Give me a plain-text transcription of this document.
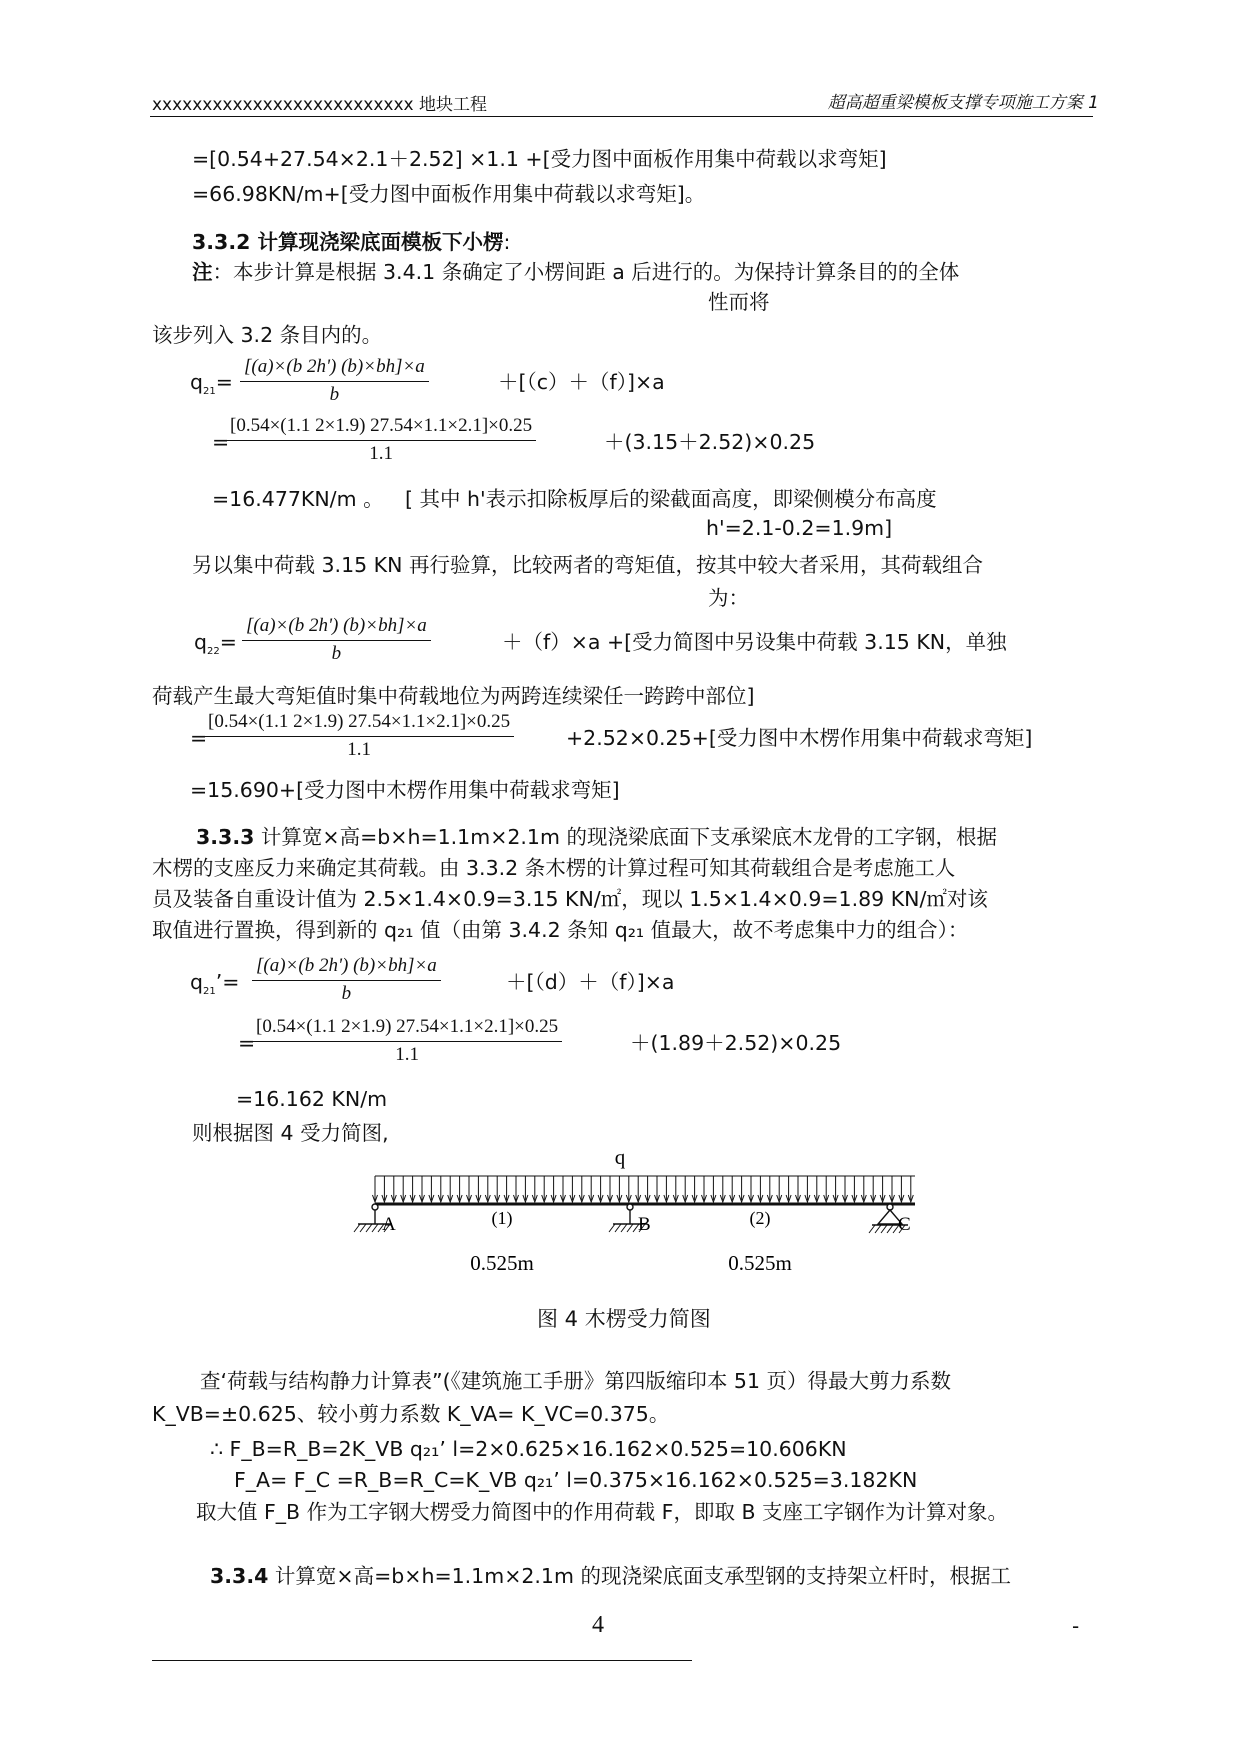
xxxxxxxxxxxxxxxxxxxxxxxxxx 地块工程	超高超重梁模板支撑专项施工方案 1
=[0.54+27.54×2.1＋2.52] ×1.1 +[受力图中面板作用集中荷载以求弯矩]
=66.98KN/m+[受力图中面板作用集中荷载以求弯矩]。
3.3.2 计算现浇梁底面模板下小楞:
注：本步计算是根据 3.4.1 条确定了小楞间距 a 后进行的。为保持计算条目的的全体
性而将
该步列入 3.2 条目内的。
$q_{21}= \frac{[(a)\times(b 2h') (b)\times bh]\times a}{b}$	＋[（c）＋（f）]×a
=
$\frac{[0.54\times(1.1 2\times 1.9) 27.54\times 1.1\times 2.1]\times 0.25}{1.1}$	＋(3.15＋2.52)×0.25
=16.477KN/m 。 [ 其中 h'表示扣除板厚后的梁截面高度，即梁侧模分布高度
h'=2.1-0.2=1.9m]
另以集中荷载 3.15 KN 再行验算，比较两者的弯矩值，按其中较大者采用，其荷载组合
为：
$q_{22}= \frac{[(a)\times(b 2h') (b)\times bh]\times a}{b}$	＋（f）×a +[受力简图中另设集中荷载 3.15 KN，单独
荷载产生最大弯矩值时集中荷载地位为两跨连续梁任一跨跨中部位]
=
$\frac{[0.54\times(1.1 2\times 1.9) 27.54\times 1.1\times 2.1]\times 0.25}{1.1}$	+2.52×0.25+[受力图中木楞作用集中荷载求弯矩]
=15.690+[受力图中木楞作用集中荷载求弯矩]
3.3.3 计算宽×高=b×h=1.1m×2.1m 的现浇梁底面下支承梁底木龙骨的工字钢，根据
木楞的支座反力来确定其荷载。由 3.3.2 条木楞的计算过程可知其荷载组合是考虑施工人
员及装备自重设计值为 2.5×1.4×0.9=3.15 KN/㎡，现以 1.5×1.4×0.9=1.89 KN/㎡对该
取值进行置换，得到新的 q₂₁ 值（由第 3.4.2 条知 q₂₁ 值最大，故不考虑集中力的组合）：
$q_{21}’= \frac{[(a)\times(b 2h') (b)\times bh]\times a}{b}$	＋[（d）＋（f）]×a
=
$\frac{[0.54\times(1.1 2\times 1.9) 27.54\times 1.1\times 2.1]\times 0.25}{1.1}$	＋(1.89＋2.52)×0.25
=16.162 KN/m
则根据图 4 受力简图,
q
A	B	C
(1)	(2)
0.525m	0.525m
图 4 木楞受力简图
查‘荷载与结构静力计算表”(《建筑施工手册》第四版缩印本 51 页）得最大剪力系数
K_VB=±0.625、较小剪力系数 K_VA= K_VC=0.375。
∴ F_B=R_B=2K_VB q₂₁’ l=2×0.625×16.162×0.525=10.606KN
F_A= F_C =R_B=R_C=K_VB q₂₁’ l=0.375×16.162×0.525=3.182KN
取大值 F_B 作为工字钢大楞受力简图中的作用荷载 F，即取 B 支座工字钢作为计算对象。
3.3.4 计算宽×高=b×h=1.1m×2.1m 的现浇梁底面支承型钢的支持架立杆时，根据工
4	-
